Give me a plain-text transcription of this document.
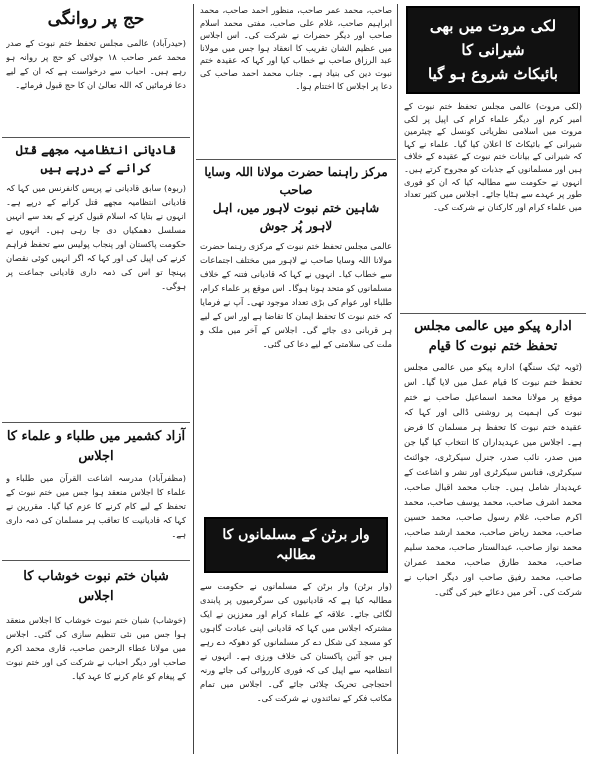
لکی مروت میں بھی شیرانی کا

بائیکاٹ شروع ہو گیا

(لکی مروت) عالمی مجلس تحفظ ختم نبوت کے امیر کرم اور دیگر علماء کرام کی اپیل پر لکی مروت میں اسلامی نظریاتی کونسل کے چیئرمین شیرانی کے بائیکاٹ کا اعلان کیا گیا۔ علماء نے کہا کہ شیرانی کے بیانات ختم نبوت کے عقیدہ کے خلاف ہیں اور مسلمانوں کے جذبات کو مجروح کرتے ہیں۔ انہوں نے حکومت سے مطالبہ کیا کہ ان کو فوری طور پر عہدے سے ہٹایا جائے۔ اجلاس میں کثیر تعداد میں علماء کرام اور کارکنان نے شرکت کی۔

ادارہ پیکو میں عالمی مجلس تحفظ ختم نبوت کا قیام

(ٹوبہ ٹیک سنگھ) ادارہ پیکو میں عالمی مجلس تحفظ ختم نبوت کا قیام عمل میں لایا گیا۔ اس موقع پر مولانا محمد اسماعیل صاحب نے ختم نبوت کی اہمیت پر روشنی ڈالی اور کہا کہ عقیدہ ختم نبوت کا تحفظ ہر مسلمان کا فرض ہے۔ اجلاس میں عہدیداران کا انتخاب کیا گیا جن میں صدر، نائب صدر، جنرل سیکرٹری، جوائنٹ سیکرٹری، فنانس سیکرٹری اور نشر و اشاعت کے عہدیدار شامل ہیں۔ جناب محمد اقبال صاحب، محمد اشرف صاحب، محمد یوسف صاحب، محمد اکرم صاحب، غلام رسول صاحب، محمد حسین صاحب، محمد ریاض صاحب، محمد ارشد صاحب، محمد نواز صاحب، عبدالستار صاحب، محمد سلیم صاحب، محمد طارق صاحب، محمد عمران صاحب، محمد رفیق صاحب اور دیگر احباب نے شرکت کی۔ آخر میں دعائے خیر کی گئی۔

صاحب، محمد عمر صاحب، منظور احمد صاحب، محمد ابراہیم صاحب، غلام علی صاحب، مفتی محمد اسلام صاحب اور دیگر حضرات نے شرکت کی۔ اس اجلاس میں عظیم الشان تقریب کا انعقاد ہوا جس میں مولانا عبد الرزاق صاحب نے خطاب کیا اور کہا کہ عقیدہ ختم نبوت دین کی بنیاد ہے۔ جناب محمد احمد صاحب کی دعا پر اجلاس کا اختتام ہوا۔

مرکز راہنما حضرت مولانا اللہ وسایا صاحب

شاہین ختم نبوت لاہور میں، اہل لاہور پُر جوش

عالمی مجلس تحفظ ختم نبوت کے مرکزی رہنما حضرت مولانا اللہ وسایا صاحب نے لاہور میں مختلف اجتماعات سے خطاب کیا۔ انہوں نے کہا کہ قادیانی فتنہ کے خلاف مسلمانوں کو متحد ہونا ہوگا۔ اس موقع پر علماء کرام، طلباء اور عوام کی بڑی تعداد موجود تھی۔ آپ نے فرمایا کہ ختم نبوت کا تحفظ ایمان کا تقاضا ہے اور اس کے لیے ہر قربانی دی جائے گی۔ اجلاس کے آخر میں ملک و ملت کی سلامتی کے لیے دعا کی گئی۔

وار برٹن کے مسلمانوں کا مطالبہ

(وار برٹن) وار برٹن کے مسلمانوں نے حکومت سے مطالبہ کیا ہے کہ قادیانیوں کی سرگرمیوں پر پابندی لگائی جائے۔ علاقہ کے علماء کرام اور معززین نے ایک مشترکہ اجلاس میں کہا کہ قادیانی اپنی عبادت گاہوں کو مسجد کی شکل دے کر مسلمانوں کو دھوکہ دے رہے ہیں جو آئین پاکستان کی خلاف ورزی ہے۔ انہوں نے انتظامیہ سے اپیل کی کہ فوری کارروائی کی جائے ورنہ احتجاجی تحریک چلائی جائے گی۔ اجلاس میں تمام مکاتب فکر کے نمائندوں نے شرکت کی۔

حج پر روانگی

(حیدرآباد) عالمی مجلس تحفظ ختم نبوت کے صدر محمد عمر صاحب ۱۸ جولائی کو حج پر روانہ ہو رہے ہیں۔ احباب سے درخواست ہے کہ ان کے لیے دعا فرمائیں کہ اللہ تعالیٰ ان کا حج قبول فرمائے۔

قادیانی انتظامیہ مجھے قتل کرانے کے درپے ہیں

(ربوہ) سابق قادیانی نے پریس کانفرنس میں کہا کہ قادیانی انتظامیہ مجھے قتل کرانے کے درپے ہے۔ انہوں نے بتایا کہ اسلام قبول کرنے کے بعد سے انہیں مسلسل دھمکیاں دی جا رہی ہیں۔ انہوں نے حکومت پاکستان اور پنجاب پولیس سے تحفظ فراہم کرنے کی اپیل کی اور کہا کہ اگر انہیں کوئی نقصان پہنچا تو اس کی ذمہ داری قادیانی جماعت پر ہوگی۔

آزاد کشمیر میں طلباء و علماء کا اجلاس

(مظفرآباد) مدرسہ اشاعت القرآن میں طلباء و علماء کا اجلاس منعقد ہوا جس میں ختم نبوت کے تحفظ کے لیے کام کرنے کا عزم کیا گیا۔ مقررین نے کہا کہ قادیانیت کا تعاقب ہر مسلمان کی ذمہ داری ہے۔

شبان ختم نبوت خوشاب کا اجلاس

(خوشاب) شبان ختم نبوت خوشاب کا اجلاس منعقد ہوا جس میں نئی تنظیم سازی کی گئی۔ اجلاس میں مولانا عطاء الرحمن صاحب، قاری محمد اکرم صاحب اور دیگر احباب نے شرکت کی اور ختم نبوت کے پیغام کو عام کرنے کا عہد کیا۔
